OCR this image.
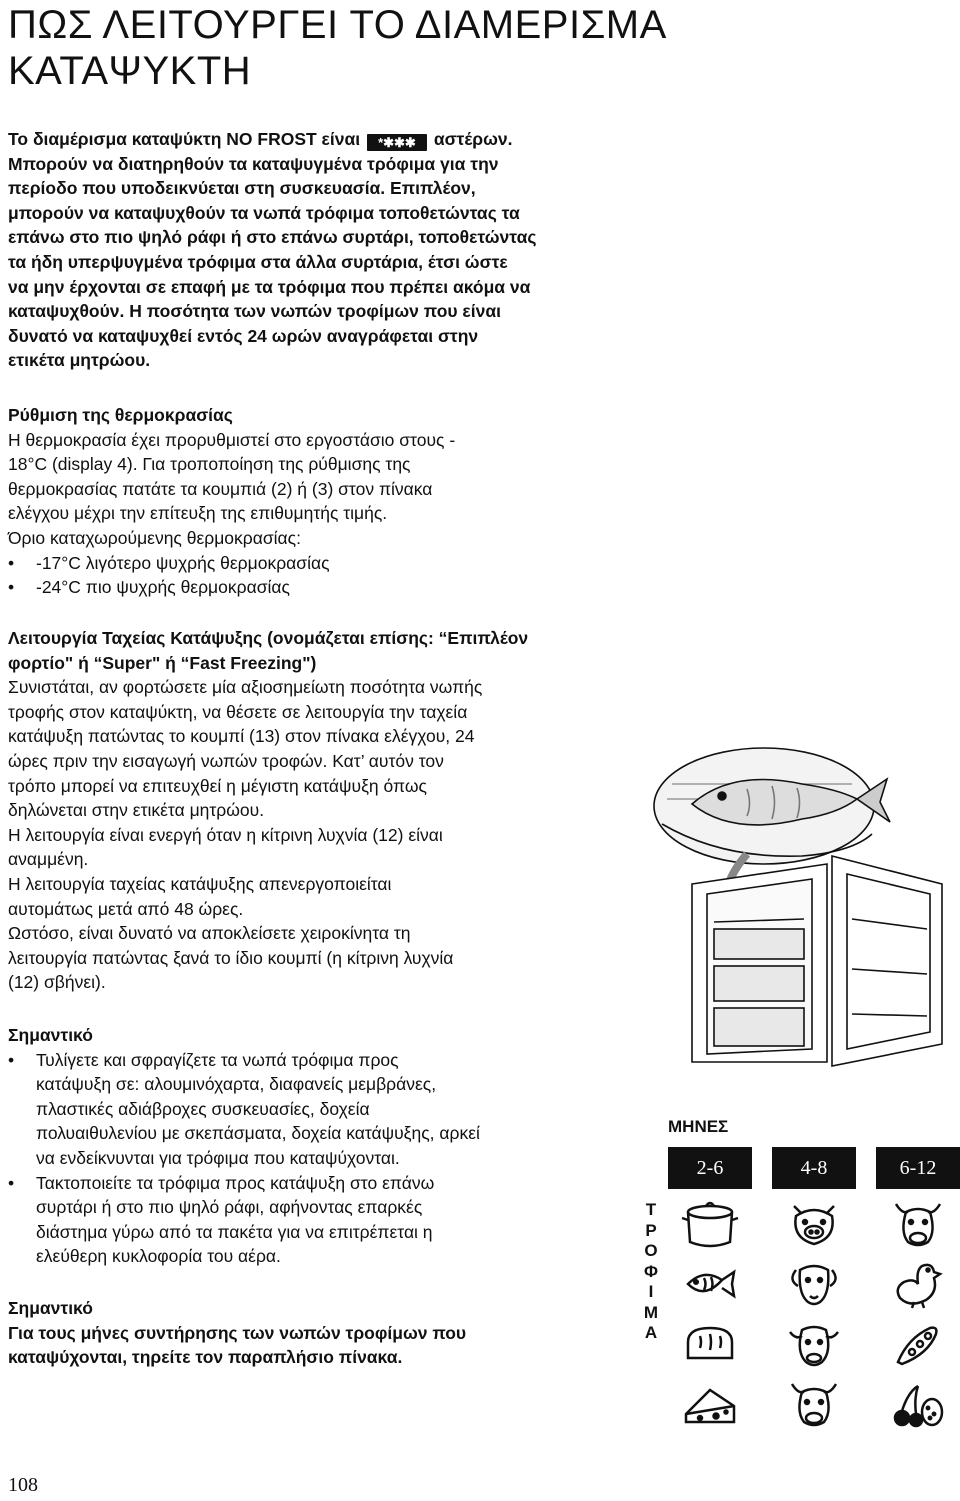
ΠΩΣ ΛΕΙΤΟΥΡΓΕΙ ΤΟ ΔΙΑΜΕΡΙΣΜΑ
ΚΑΤΑΨΥΚΤΗ
Το διαμέρισμα καταψύκτη NO FROST είναι *✱✱✱ αστέρων.
Μπορούν να διατηρηθούν τα καταψυγμένα τρόφιμα για την
περίοδο που υποδεικνύεται στη συσκευασία. Επιπλέον,
μπορούν να καταψυχθούν τα νωπά τρόφιμα τοποθετώντας τα
επάνω στο πιο ψηλό ράφι ή στο επάνω συρτάρι, τοποθετώντας
τα ήδη υπερψυγμένα τρόφιμα στα άλλα συρτάρια, έτσι ώστε
να μην έρχονται σε επαφή με τα τρόφιμα που πρέπει ακόμα να
καταψυχθούν. Η ποσότητα των νωπών τροφίμων που είναι
δυνατό να καταψυχθεί εντός 24 ωρών αναγράφεται στην
ετικέτα μητρώου.
Ρύθμιση της θερμοκρασίας
Η θερμοκρασία έχει προρυθμιστεί στο εργοστάσιο στους -
18°C (display 4). Για τροποποίηση της ρύθμισης της
θερμοκρασίας πατάτε τα κουμπιά (2) ή (3) στον πίνακα
ελέγχου μέχρι την επίτευξη της επιθυμητής τιμής.
Όριο καταχωρούμενης θερμοκρασίας:
• -17°C λιγότερο ψυχρής θερμοκρασίας
• -24°C πιο ψυχρής θερμοκρασίας
Λειτουργία Ταχείας Κατάψυξης (ονομάζεται επίσης: “Επιπλέον
φορτίο" ή “Super" ή “Fast Freezing")
Συνιστάται, αν φορτώσετε μία αξιοσημείωτη ποσότητα νωπής
τροφής στον καταψύκτη, να θέσετε σε λειτουργία την ταχεία
κατάψυξη πατώντας το κουμπί (13) στον πίνακα ελέγχου, 24
ώρες πριν την εισαγωγή νωπών τροφών. Κατ’ αυτόν τον
τρόπο μπορεί να επιτευχθεί η μέγιστη κατάψυξη όπως
δηλώνεται στην ετικέτα μητρώου.
Η λειτουργία είναι ενεργή όταν η κίτρινη λυχνία (12) είναι
αναμμένη.
Η λειτουργία ταχείας κατάψυξης απενεργοποιείται
αυτομάτως μετά από 48 ώρες.
Ωστόσο, είναι δυνατό να αποκλείσετε χειροκίνητα τη
λειτουργία πατώντας ξανά το ίδιο κουμπί (η κίτρινη λυχνία
(12) σβήνει).
Σημαντικό
• Τυλίγετε και σφραγίζετε τα νωπά τρόφιμα προς
κατάψυξη σε: αλουμινόχαρτα, διαφανείς μεμβράνες,
πλαστικές αδιάβροχες συσκευασίες, δοχεία
πολυαιθυλενίου με σκεπάσματα, δοχεία κατάψυξης, αρκεί
να ενδείκνυνται για τρόφιμα που καταψύχονται.
• Τακτοποιείτε τα τρόφιμα προς κατάψυξη στο επάνω
συρτάρι ή στο πιο ψηλό ράφι, αφήνοντας επαρκές
διάστημα γύρω από τα πακέτα για να επιτρέπεται η
ελεύθερη κυκλοφορία του αέρα.
Σημαντικό
Για τους μήνες συντήρησης των νωπών τροφίμων που
καταψύχονται, τηρείτε τον παραπλήσιο πίνακα.
ΜΗΝΕΣ
2-6	4-8	6-12
Τ
Ρ
Ο
Φ
Ι
Μ
Α
108
